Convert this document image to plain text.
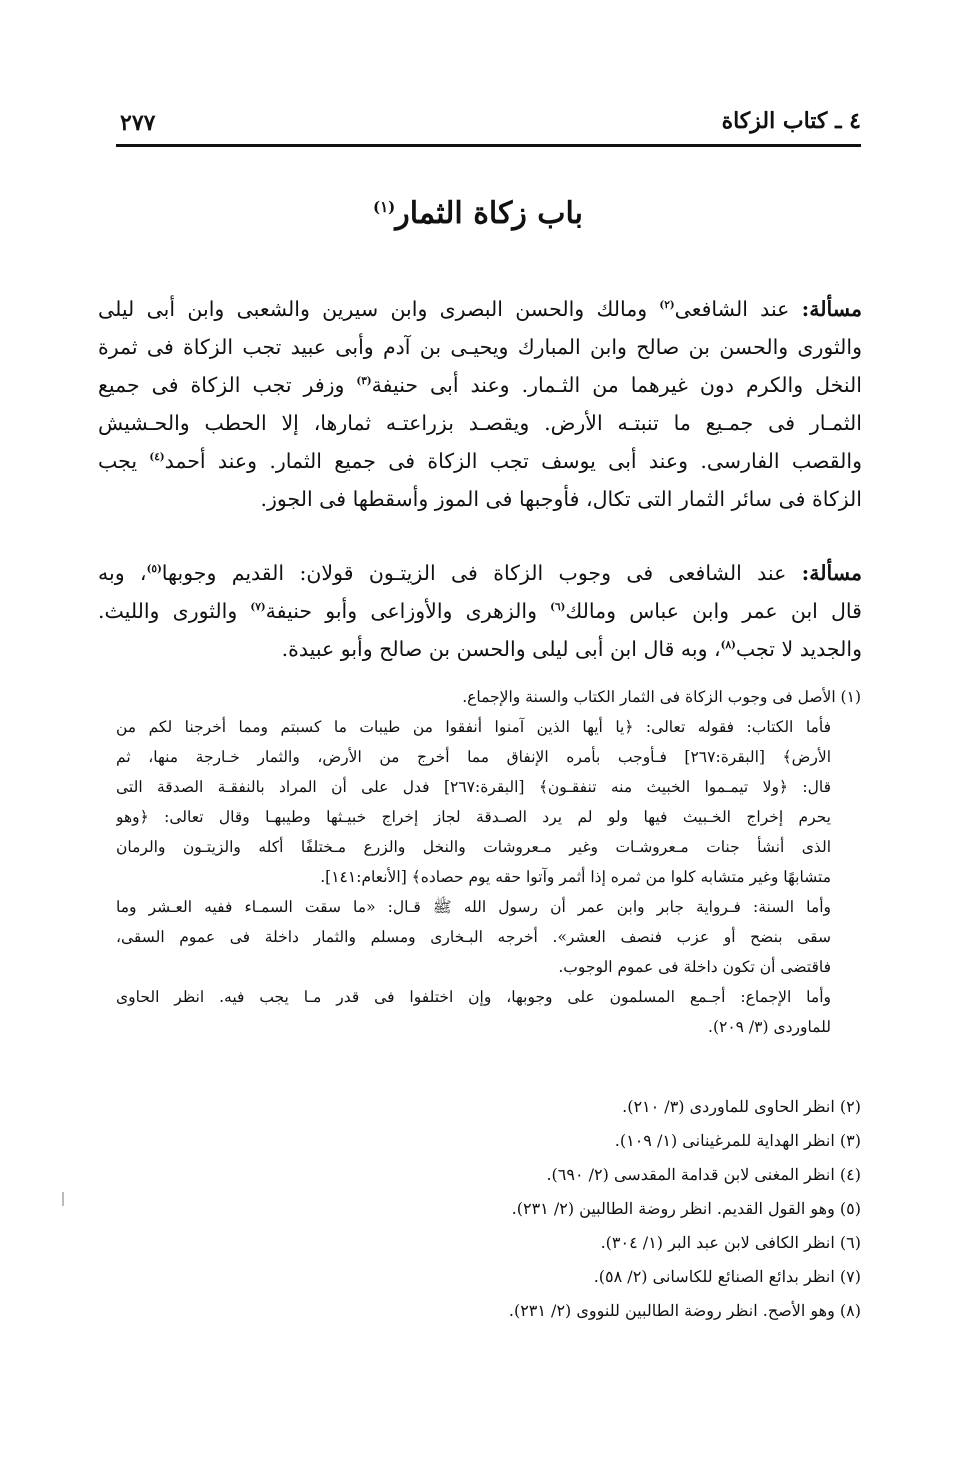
٤ ـ كتاب الزكاة
٢٧٧
باب زكاة الثمار$^{(١)}$
مسألة: عند الشافعى$^{(٢)}$ ومالك والحسن البصرى وابن سيرين والشعبى وابن أبى ليلى
والثورى والحسن بن صالح وابن المبارك ويحيـى بن آدم وأبى عبيد تجب الزكاة فى ثمرة
النخل والكرم دون غيرهما من الثـمار. وعند أبى حنيفة$^{(٣)}$ وزفر تجب الزكاة فى جميع
الثمـار فى جمـيع ما تنبتـه الأرض. ويقصـد بزراعتـه ثمارها، إلا الحطب والحـشيش
والقصب الفارسى. وعند أبى يوسف تجب الزكاة فى جميع الثمار. وعند أحمد$^{(٤)}$ يجب
الزكاة فى سائر الثمار التى تكال، فأوجبها فى الموز وأسقطها فى الجوز.
مسألة: عند الشافعى فى وجوب الزكاة فى الزيتـون قولان: القديم وجوبها$^{(٥)}$، وبه
قال ابن عمر وابن عباس ومالك$^{(٦)}$ والزهرى والأوزاعى وأبو حنيفة$^{(٧)}$ والثورى والليث.
والجديد لا تجب$^{(٨)}$، وبه قال ابن أبى ليلى والحسن بن صالح وأبو عبيدة.
(١) الأصل فى وجوب الزكاة فى الثمار الكتاب والسنة والإجماع.
فأما الكتاب: فقوله تعالى: ﴿يا أيها الذين آمنوا أنفقوا من طيبات ما كسبتم ومما أخرجنا لكم من
الأرض﴾ [البقرة:٢٦٧] فـأوجب بأمره الإنفاق مما أخرج من الأرض، والثمار خـارجة منها، ثم
قال: ﴿ولا تيمـموا الخبيث منه تنفقـون﴾ [البقرة:٢٦٧] فدل على أن المراد بالنفقـة الصدقة التى
يحرم إخراج الخـبيث فيها ولو لم يرد الصـدقة لجاز إخراج خبيـثها وطيبهـا وقال تعالى: ﴿وهو
الذى أنشأ جنات مـعروشـات وغير مـعروشات والنخل والزرع مـختلفًا أكله والزيتـون والرمان
متشابهًا وغير متشابه كلوا من ثمره إذا أثمر وآتوا حقه يوم حصاده﴾ [الأنعام:١٤١].
وأما السنة: فـرواية جابر وابن عمر أن رسول الله ﷺ قـال: «ما سقت السمـاء ففيه العـشر وما
سقى بنضح أو عزب فنصف العشر». أخرجه البـخارى ومسلم والثمار داخلة فى عموم السقى،
فاقتضى أن تكون داخلة فى عموم الوجوب.
وأما الإجماع: أجـمع المسلمون على وجوبها، وإن اختلفوا فى قدر مـا يجب فيه. انظر الحاوى
للماوردى (٣/ ٢٠٩).
(٢) انظر الحاوى للماوردى (٣/ ٢١٠).
(٣) انظر الهداية للمرغينانى (١/ ١٠٩).
(٤) انظر المغنى لابن قدامة المقدسى (٢/ ٦٩٠).
(٥) وهو القول القديم. انظر روضة الطالبين (٢/ ٢٣١).
(٦) انظر الكافى لابن عبد البر (١/ ٣٠٤).
(٧) انظر بدائع الصنائع للكاسانى (٢/ ٥٨).
(٨) وهو الأصح. انظر روضة الطالبين للنووى (٢/ ٢٣١).
